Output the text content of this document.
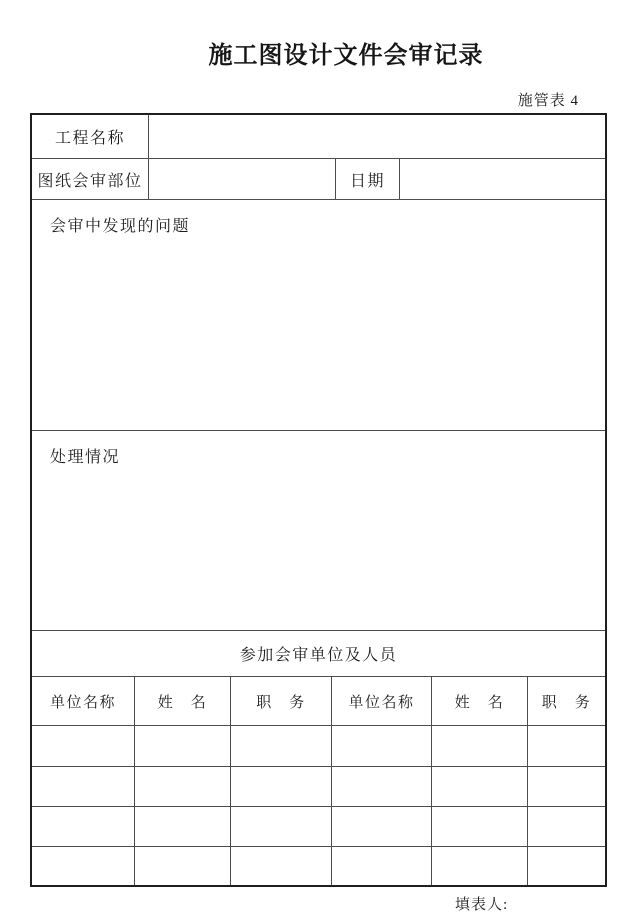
施工图设计文件会审记录
施管表 4
工程名称
图纸会审部位	日期
会审中发现的问题
处理情况
参加会审单位及人员
单位名称	姓　名	职　务	单位名称	姓　名	职　务
填表人:
